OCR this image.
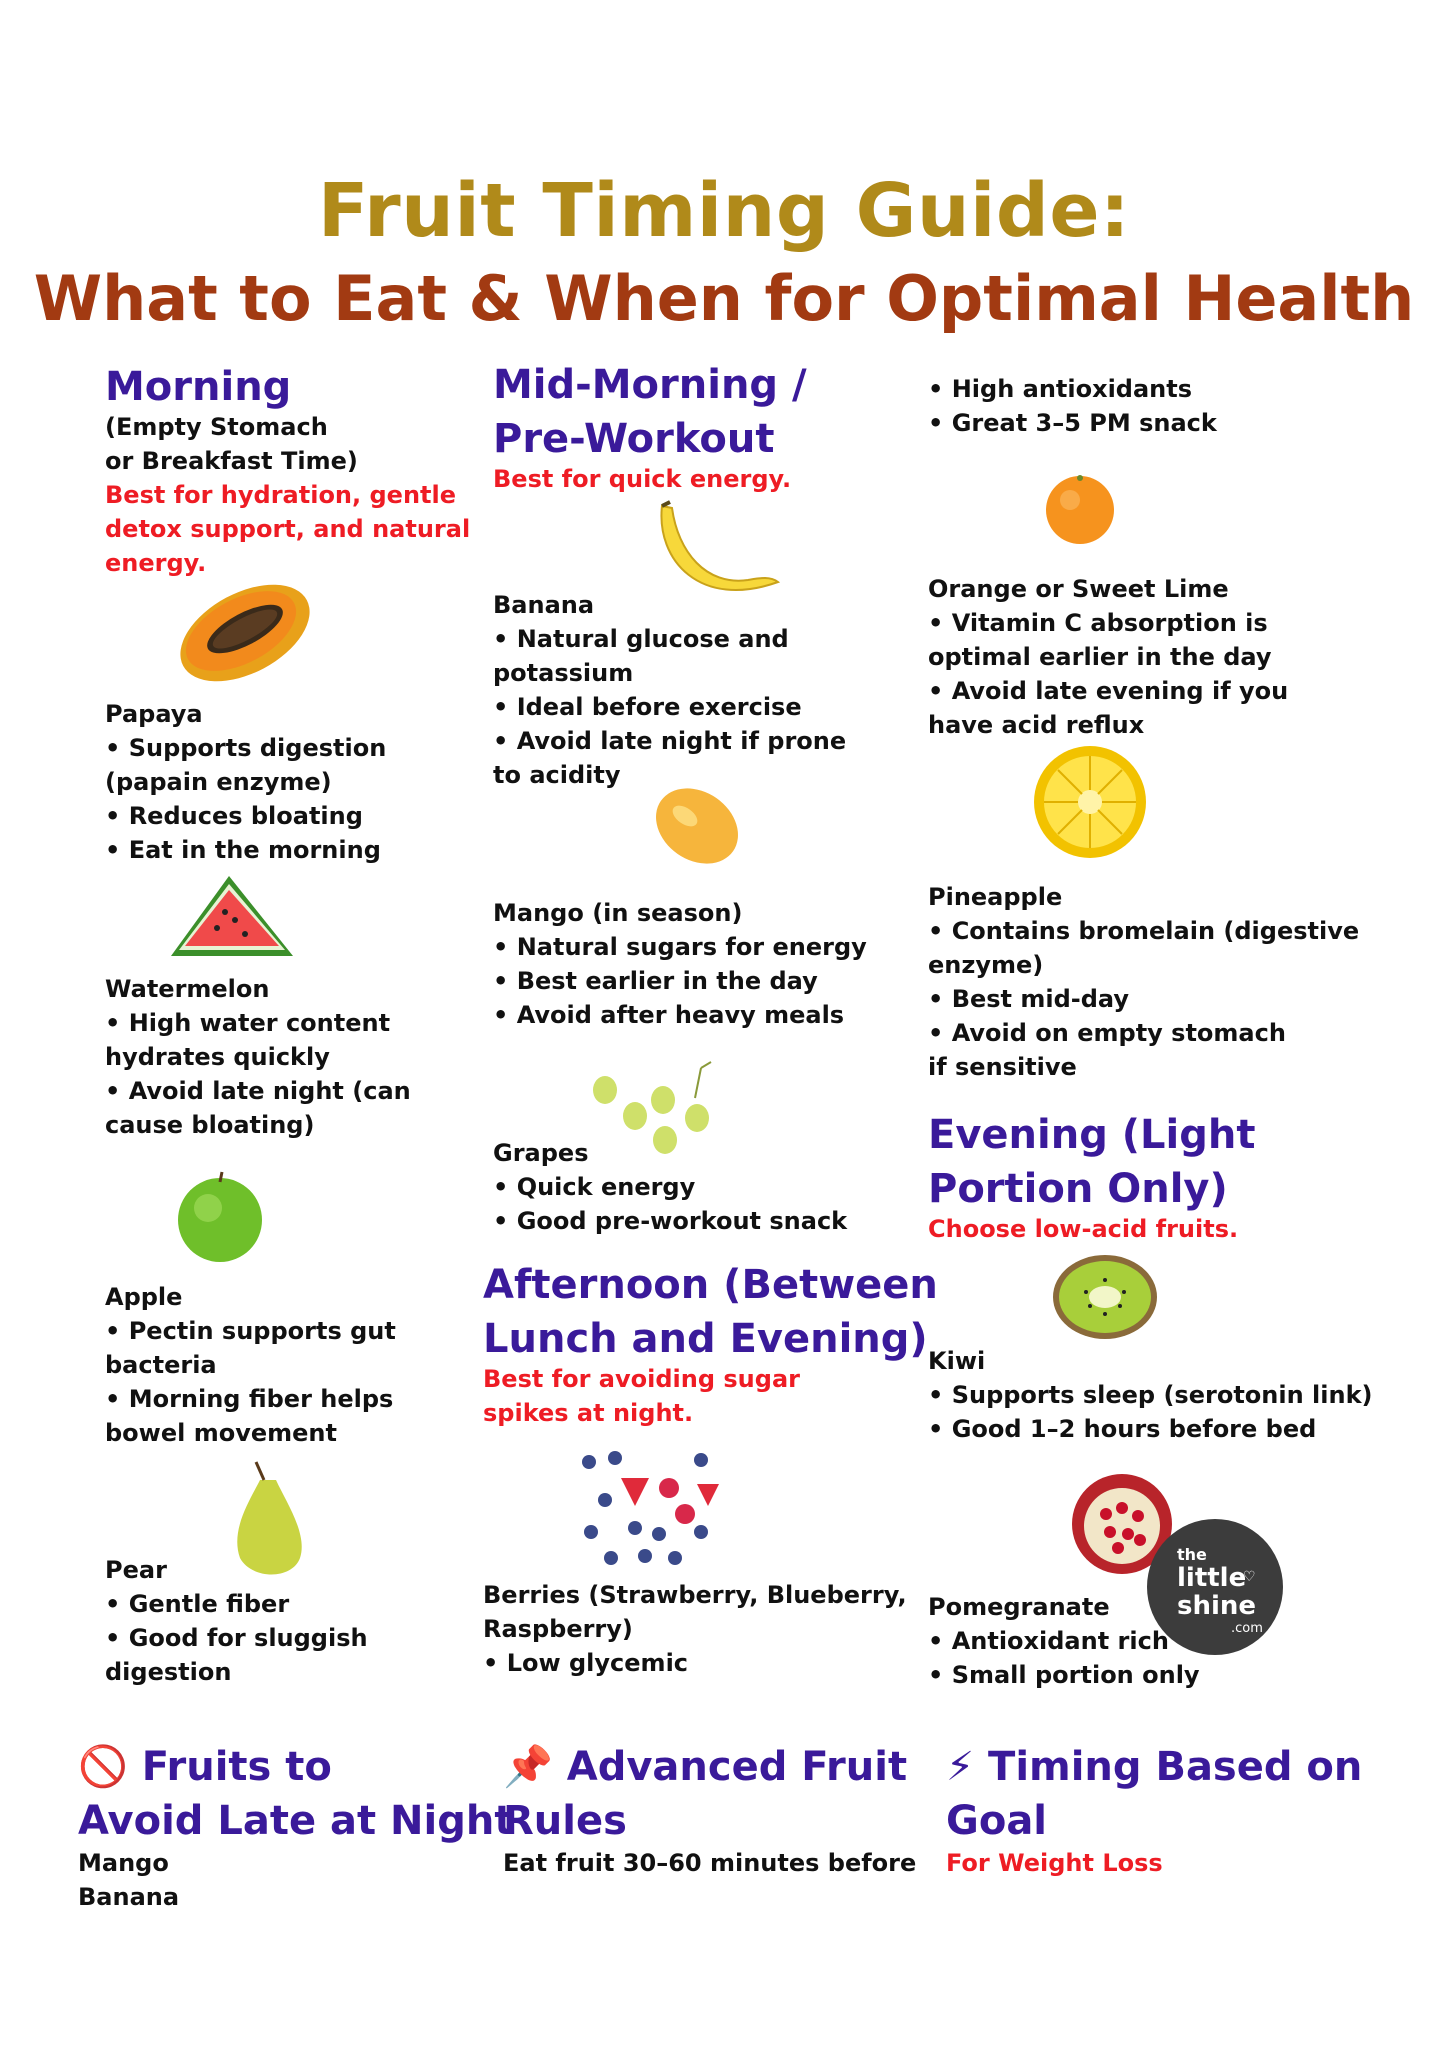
Fruit Timing Guide:
What to Eat & When for Optimal Health
Morning
(Empty Stomach
or Breakfast Time)
Best for hydration, gentle
detox support, and natural
energy.
Papaya
• Supports digestion
(papain enzyme)
• Reduces bloating
• Eat in the morning
Watermelon
• High water content
hydrates quickly
• Avoid late night (can
cause bloating)
Apple
• Pectin supports gut
bacteria
• Morning fiber helps
bowel movement
Pear
• Gentle fiber
• Good for sluggish
digestion
Mid-Morning /
Pre-Workout
Best for quick energy.
Banana
• Natural glucose and
potassium
• Ideal before exercise
• Avoid late night if prone
to acidity
Mango (in season)
• Natural sugars for energy
• Best earlier in the day
• Avoid after heavy meals
Grapes
• Quick energy
• Good pre-workout snack
Afternoon (Between
Lunch and Evening)
Best for avoiding sugar
spikes at night.
Berries (Strawberry, Blueberry,
Raspberry)
• Low glycemic
• High antioxidants
• Great 3–5 PM snack
Orange or Sweet Lime
• Vitamin C absorption is
optimal earlier in the day
• Avoid late evening if you
have acid reflux
Pineapple
• Contains bromelain (digestive
enzyme)
• Best mid-day
• Avoid on empty stomach
if sensitive
Evening (Light
Portion Only)
Choose low-acid fruits.
Kiwi
• Supports sleep (serotonin link)
• Good 1–2 hours before bed
the
little
♡
shine
.com
Pomegranate
• Antioxidant rich
• Small portion only
🚫 Fruits to
Avoid Late at Night
Mango
Banana
📌 Advanced Fruit
Rules
Eat fruit 30–60 minutes before
⚡ Timing Based on
Goal
For Weight Loss
